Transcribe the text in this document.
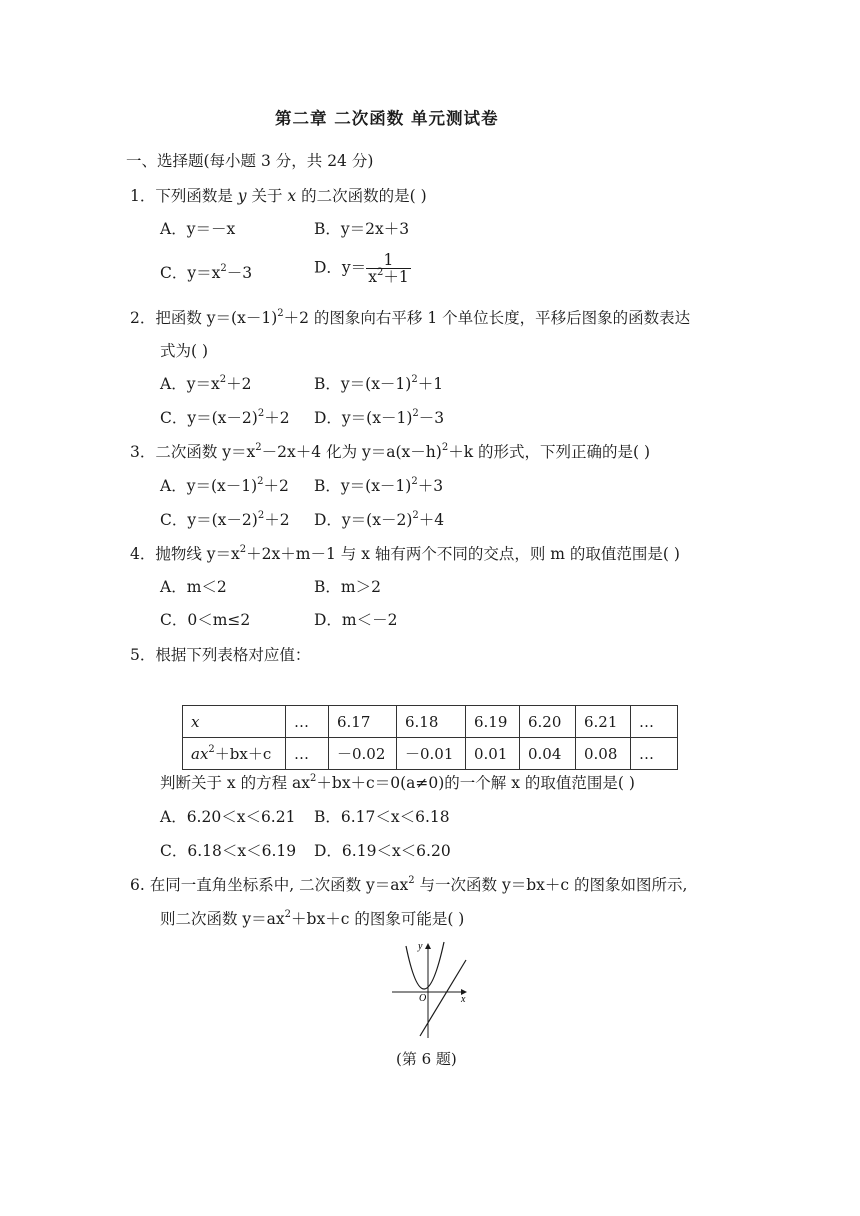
第二章 二次函数 单元测试卷
一、选择题(每小题 3 分，共 24 分)
1．下列函数是 y 关于 x 的二次函数的是( )
A．y＝－x	B．y＝2x＋3
C．$y=x^2-3$	D．$y= \frac{1}{x^2+1}$
2．把函数 $y=(x-1)^2+2$ 的图象向右平移 1 个单位长度，平移后图象的函数表达
式为( )
A．$y=x^2+2$	B．$y=(x-1)^2+1$
C．$y=(x-2)^2+2$ D．$y=(x-1)^2-3$
3．二次函数 $y=x^2-2x+4$ 化为 $y=a(x-h)^2+k$ 的形式，下列正确的是( )
A．$y=(x-1)^2+2$ B．$y=(x-1)^2+3$
C．$y=(x-2)^2+2$ D．$y=(x-2)^2+4$
4．抛物线 $y=x^2+2x+m-1$ 与 x 轴有两个不同的交点，则 m 的取值范围是( )
A．m＜2	B．m＞2
C．0＜m≤2	D．m＜－2
5．根据下列表格对应值：
x	…	6.17	6.18	6.19	6.20	6.21	…
$ax^2+bx+c$	…	－0.02	－0.01	0.01	0.04	0.08	…
判断关于 x 的方程 $ax^2+bx+c=0(a\ne 0)$的一个解 x 的取值范围是( )
A．6.20＜x＜6.21 B．6.17＜x＜6.18
C．6.18＜x＜6.19 D．6.19＜x＜6.20
6. 在同一直角坐标系中, 二次函数 $y=ax^2$ 与一次函数 y＝bx＋c 的图象如图所示,
则二次函数 $y=ax^2+bx+c$ 的图象可能是( )
y
x
O
(第 6 题)
